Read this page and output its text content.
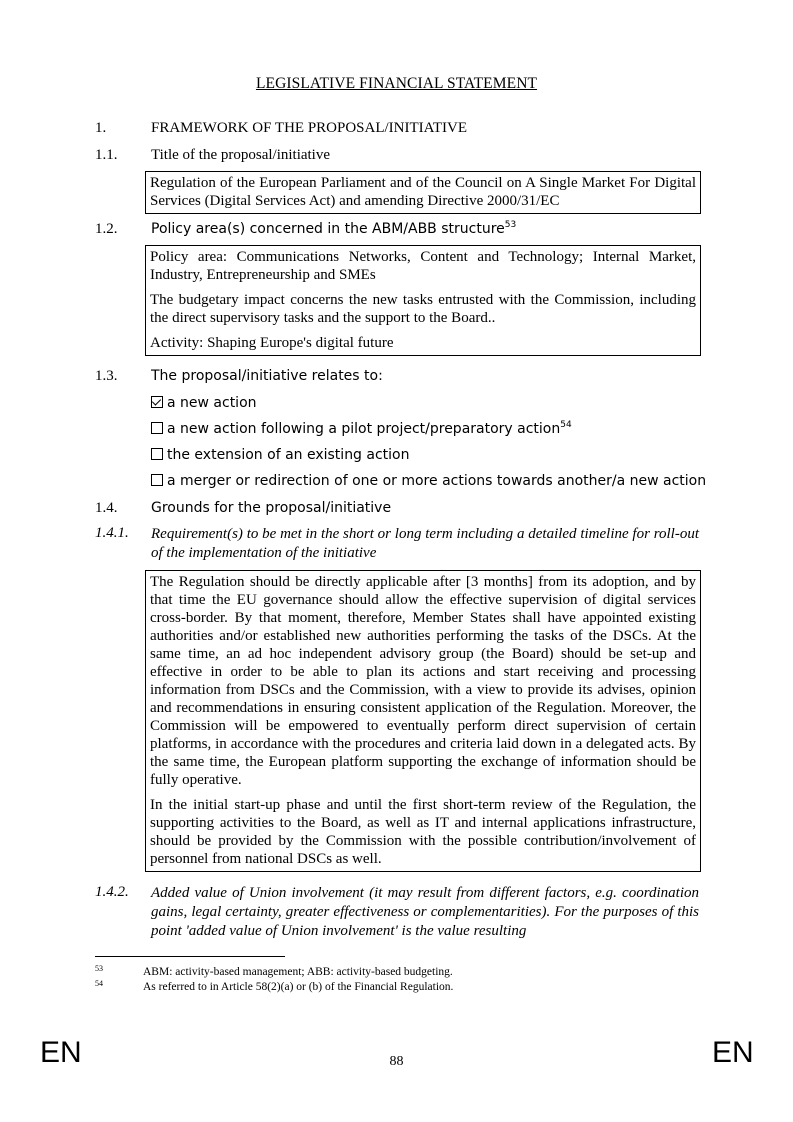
LEGISLATIVE FINANCIAL STATEMENT
1.	FRAMEWORK OF THE PROPOSAL/INITIATIVE
1.1. Title of the proposal/initiative

Regulation of the European Parliament and of the Council on A Single Market For Digital Services (Digital Services Act) and amending Directive 2000/31/EC

1.2. Policy area(s) concerned in the ABM/ABB structure$^{53}$

Policy area: Communications Networks, Content and Technology; Internal Market, Industry, Entrepreneurship and SMEs

The budgetary impact concerns the new tasks entrusted with the Commission, including the direct supervisory tasks and the support to the Board..

Activity: Shaping Europe's digital future

1.3. The proposal/initiative relates to:
a new action
a new action following a pilot project/preparatory action$^{54}$
the extension of an existing action
a merger or redirection of one or more actions towards another/a new action
1.4. Grounds for the proposal/initiative
1.4.1. Requirement(s) to be met in the short or long term including a detailed timeline for roll-out of the implementation of the initiative

The Regulation should be directly applicable after [3 months] from its adoption, and by that time the EU governance should allow the effective supervision of digital services cross-border. By that moment, therefore, Member States shall have appointed existing authorities and/or established new authorities performing the tasks of the DSCs. At the same time, an ad hoc independent advisory group (the Board) should be set-up and effective in order to be able to plan its actions and start receiving and processing information from DSCs and the Commission, with a view to provide its advises, opinion and recommendations in ensuring consistent application of the Regulation. Moreover, the Commission will be empowered to eventually perform direct supervision of certain platforms, in accordance with the procedures and criteria laid down in a delegated acts. By the same time, the European platform supporting the exchange of information should be fully operative.

In the initial start-up phase and until the first short-term review of the Regulation, the supporting activities to the Board, as well as IT and internal applications infrastructure, should be provided by the Commission with the possible contribution/involvement of personnel from national DSCs as well.

1.4.2. Added value of Union involvement (it may result from different factors, e.g. coordination gains, legal certainty, greater effectiveness or complementarities). For the purposes of this point 'added value of Union involvement' is the value resulting
53	ABM: activity-based management; ABB: activity-based budgeting.
54	As referred to in Article 58(2)(a) or (b) of the Financial Regulation.
EN	88	EN
